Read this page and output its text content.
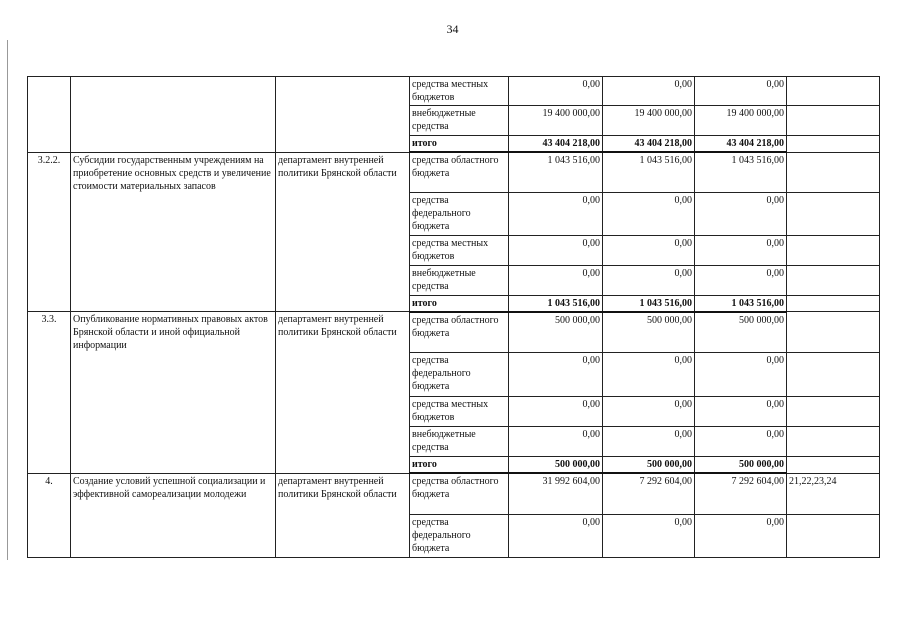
34
			средства местных бюджетов	0,00	0,00	0,00	
			внебюджетные средства	19 400 000,00	19 400 000,00	19 400 000,00	
			итого	43 404 218,00	43 404 218,00	43 404 218,00	
3.2.2.	Субсидии государственным учреждениям на приобретение основных средств и увеличение стоимости материальных запасов	департамент внутренней политики Брянской области	средства областного бюджета	1 043 516,00	1 043 516,00	1 043 516,00	
			средства федерального бюджета	0,00	0,00	0,00	
			средства местных бюджетов	0,00	0,00	0,00	
			внебюджетные средства	0,00	0,00	0,00	
			итого	1 043 516,00	1 043 516,00	1 043 516,00	
3.3.	Опубликование нормативных правовых актов Брянской области и иной официальной информации	департамент внутренней политики Брянской области	средства областного бюджета	500 000,00	500 000,00	500 000,00	
			средства федерального бюджета	0,00	0,00	0,00	
			средства местных бюджетов	0,00	0,00	0,00	
			внебюджетные средства	0,00	0,00	0,00	
			итого	500 000,00	500 000,00	500 000,00	
4.	Создание условий успешной социализации и эффективной самореализации молодежи	департамент внутренней политики Брянской области	средства областного бюджета	31 992 604,00	7 292 604,00	7 292 604,00	21,22,23,24
			средства федерального бюджета	0,00	0,00	0,00	
